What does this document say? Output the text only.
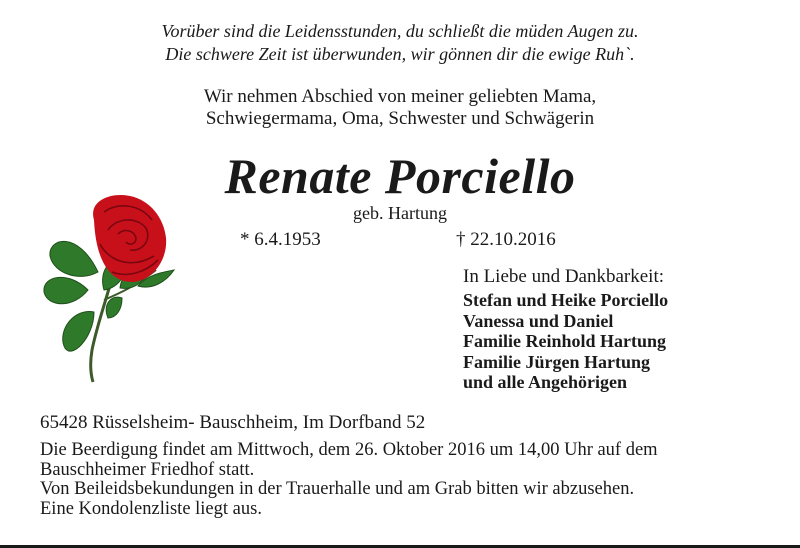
Vorüber sind die Leidensstunden, du schließt die müden Augen zu.
Die schwere Zeit ist überwunden, wir gönnen dir die ewige Ruh`.
Wir nehmen Abschied von meiner geliebten Mama,
Schwiegermama, Oma, Schwester und Schwägerin
Renate Porciello
geb. Hartung
* 6.4.1953	† 22.10.2016
In Liebe und Dankbarkeit:
Stefan und Heike Porciello
Vanessa und Daniel
Familie Reinhold Hartung
Familie Jürgen Hartung
und alle Angehörigen
65428 Rüsselsheim- Bauschheim, Im Dorfband 52
Die Beerdigung findet am Mittwoch, dem 26. Oktober 2016 um 14,00 Uhr auf dem
Bauschheimer Friedhof statt.
Von Beileidsbekundungen in der Trauerhalle und am Grab bitten wir abzusehen.
Eine Kondolenzliste liegt aus.
